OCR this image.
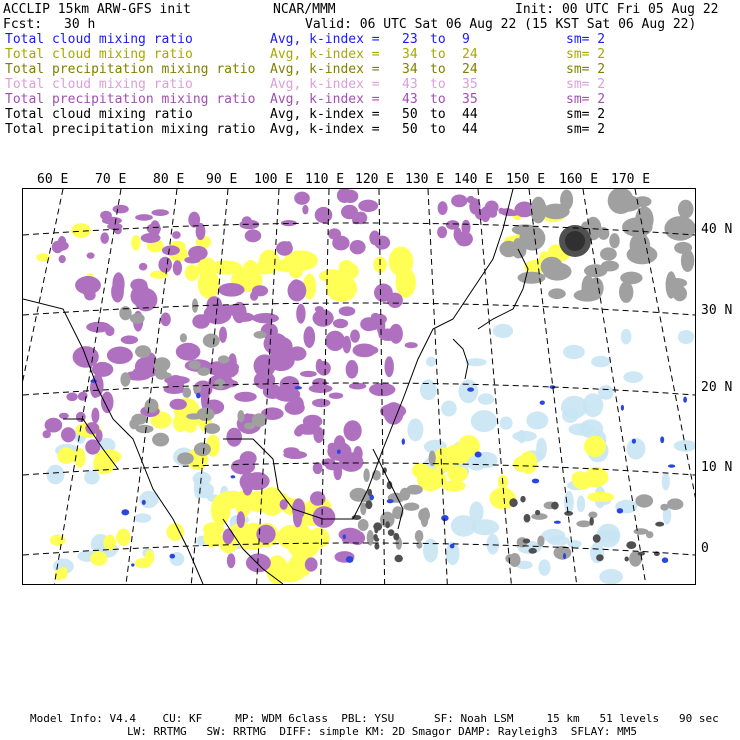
ACCLIP 15km ARW-GFS init	NCAR/MMM	Init: 00 UTC Fri 05 Aug 22
Fcst: 30 h	Valid: 06 UTC Sat 06 Aug 22 (15 KST Sat 06 Aug 22)
Total cloud mixing ratio	Avg, k-index = 23 to 9	sm= 2
Total cloud mixing ratio	Avg, k-index = 34 to 24	sm= 2
Total precipitation mixing ratio Avg, k-index = 34 to 24	sm= 2
Total cloud mixing ratio	Avg, k-index = 43 to 35	sm= 2
Total precipitation mixing ratio Avg, k-index = 43 to 35	sm= 2
Total cloud mixing ratio	Avg, k-index = 50 to 44	sm= 2
Total precipitation mixing ratio Avg, k-index = 50 to 44	sm= 2
60 E 70 E 80 E 90 E 100 E 110 E 120 E 130 E 140 E 150 E 160 E 170 E
40 N
30 N
20 N
10 N
0
Model Info: V4.4    CU: KF     MP: WDM 6class  PBL: YSU      SF: Noah LSM     15 km   51 levels   90 sec
LW: RRTMG   SW: RRTMG  DIFF: simple KM: 2D Smagor DAMP: Rayleigh3  SFLAY: MM5
